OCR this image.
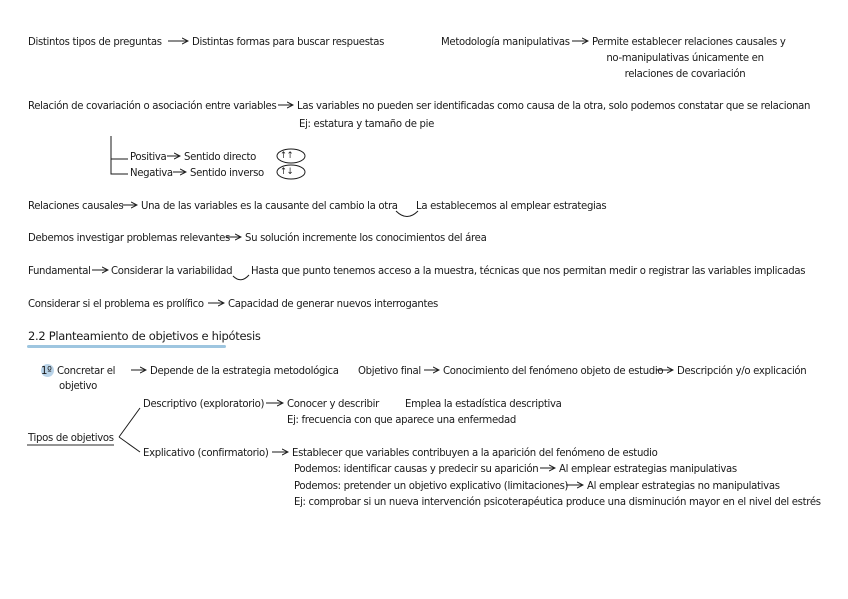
Distintos tipos de preguntas	Distintas formas para buscar respuestas	Metodología manipulativas Permite establecer relaciones causales y
no-manipulativas únicamente en
relaciones de covariación
Relación de covariación o asociación entre variables Las variables no pueden ser identificadas como causa de la otra, solo podemos constatar que se relacionan
Ej: estatura y tamaño de pie
Positiva Sentido directo	↑↑
Negativa Sentido inverso ↑↓
Relaciones causales Una de las variables es la causante del cambio la otra La establecemos al emplear estrategias
Debemos investigar problemas relevantes Su solución incremente los conocimientos del área
Fundamental Considerar la variabilidad Hasta que punto tenemos acceso a la muestra, técnicas que nos permitan medir o registrar las variables implicadas
Considerar si el problema es prolífico Capacidad de generar nuevos interrogantes
2.2 Planteamiento de objetivos e hipótesis
1º Concretar el
objetivo
Depende de la estrategia metodológica Objetivo final Conocimiento del fenómeno objeto de estudio Descripción y/o explicación
Tipos de objetivos
Descriptivo (exploratorio) Conocer y describir Emplea la estadística descriptiva
Ej: frecuencia con que aparece una enfermedad
Explicativo (confirmatorio) Establecer que variables contribuyen a la aparición del fenómeno de estudio
Podemos: identificar causas y predecir su aparición Al emplear estrategias manipulativas
Podemos: pretender un objetivo explicativo (limitaciones) Al emplear estrategias no manipulativas
Ej: comprobar si un nueva intervención psicoterapéutica produce una disminución mayor en el nivel del estrés
